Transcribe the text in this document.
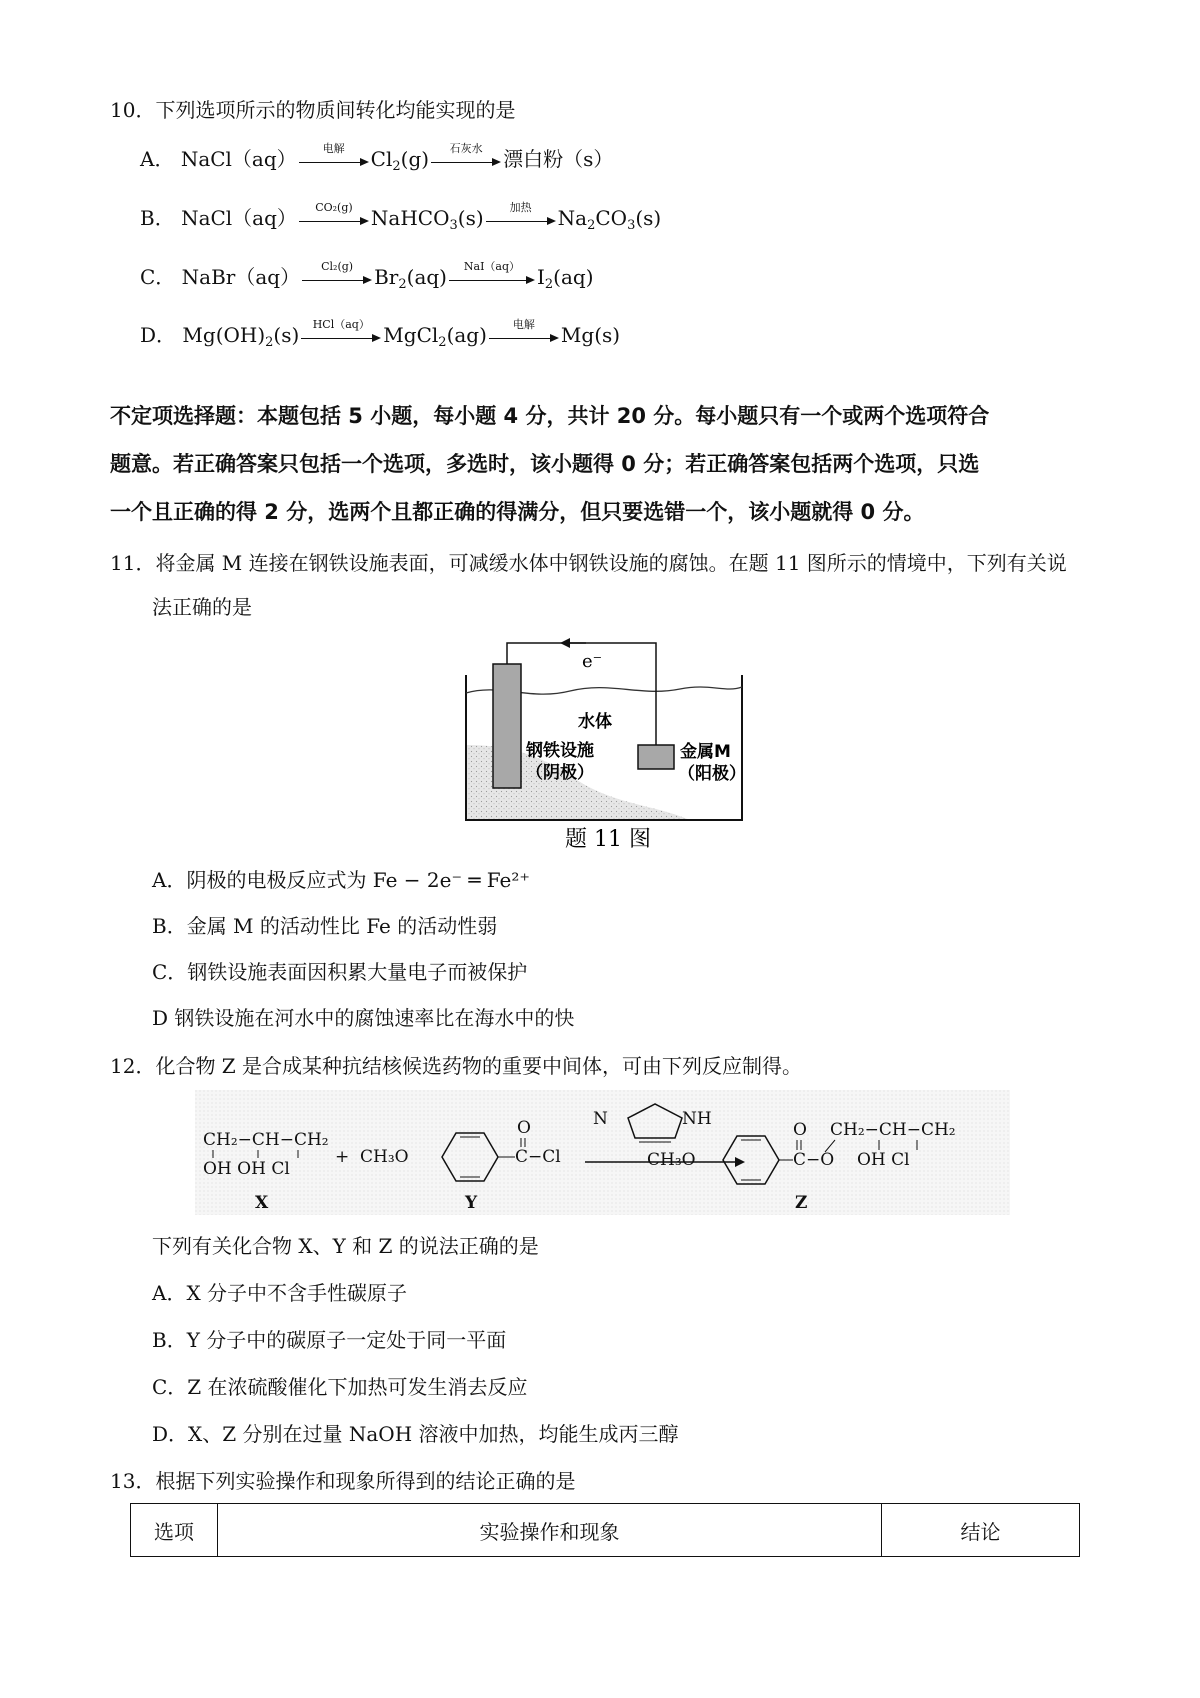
10．下列选项所示的物质间转化均能实现的是
A． NaCl（aq）	电解	$Cl_2(g)$	石灰水	漂白粉（s）
B． NaCl（aq）	CO₂(g) NaHCO$_3$(s)	加热	$Na_2CO_3(s)$
C． NaBr（aq）	Cl₂(g)	$Br_2(aq)$	NaI（aq） $I_2(aq)$
D． $Mg(OH)_2(s)$	HCl（aq） MgCl$_2$(ag)	电解	Mg(s)
不定项选择题：本题包括 5 小题，每小题 4 分，共计 20 分。每小题只有一个或两个选项符合
题意。若正确答案只包括一个选项，多选时，该小题得 0 分；若正确答案包括两个选项，只选
一个且正确的得 2 分，选两个且都正确的得满分，但只要选错一个，该小题就得 0 分。
11．将金属 M 连接在钢铁设施表面，可减缓水体中钢铁设施的腐蚀。在题 11 图所示的情境中，下列有关说
法正确的是
e⁻
水体
钢铁设施
（阴极）
金属M
（阳极）
题 11 图
A．阴极的电极反应式为 Fe − 2e⁻ ═ Fe²⁺
B．金属 M 的活动性比 Fe 的活动性弱
C．钢铁设施表面因积累大量电子而被保护
D 钢铁设施在河水中的腐蚀速率比在海水中的快
12．化合物 Z 是合成某种抗结核候选药物的重要中间体，可由下列反应制得。
CH₂−CH−CH₂
OH OH Cl
X
+ CH₃O	C−Cl
O
Y
N	NH
CH₃O	C−O
O CH₂−CH−CH₂
OH Cl
Z
下列有关化合物 X、Y 和 Z 的说法正确的是
A．X 分子中不含手性碳原子
B．Y 分子中的碳原子一定处于同一平面
C．Z 在浓硫酸催化下加热可发生消去反应
D．X、Z 分别在过量 NaOH 溶液中加热，均能生成丙三醇
13．根据下列实验操作和现象所得到的结论正确的是
选项	实验操作和现象	结论
